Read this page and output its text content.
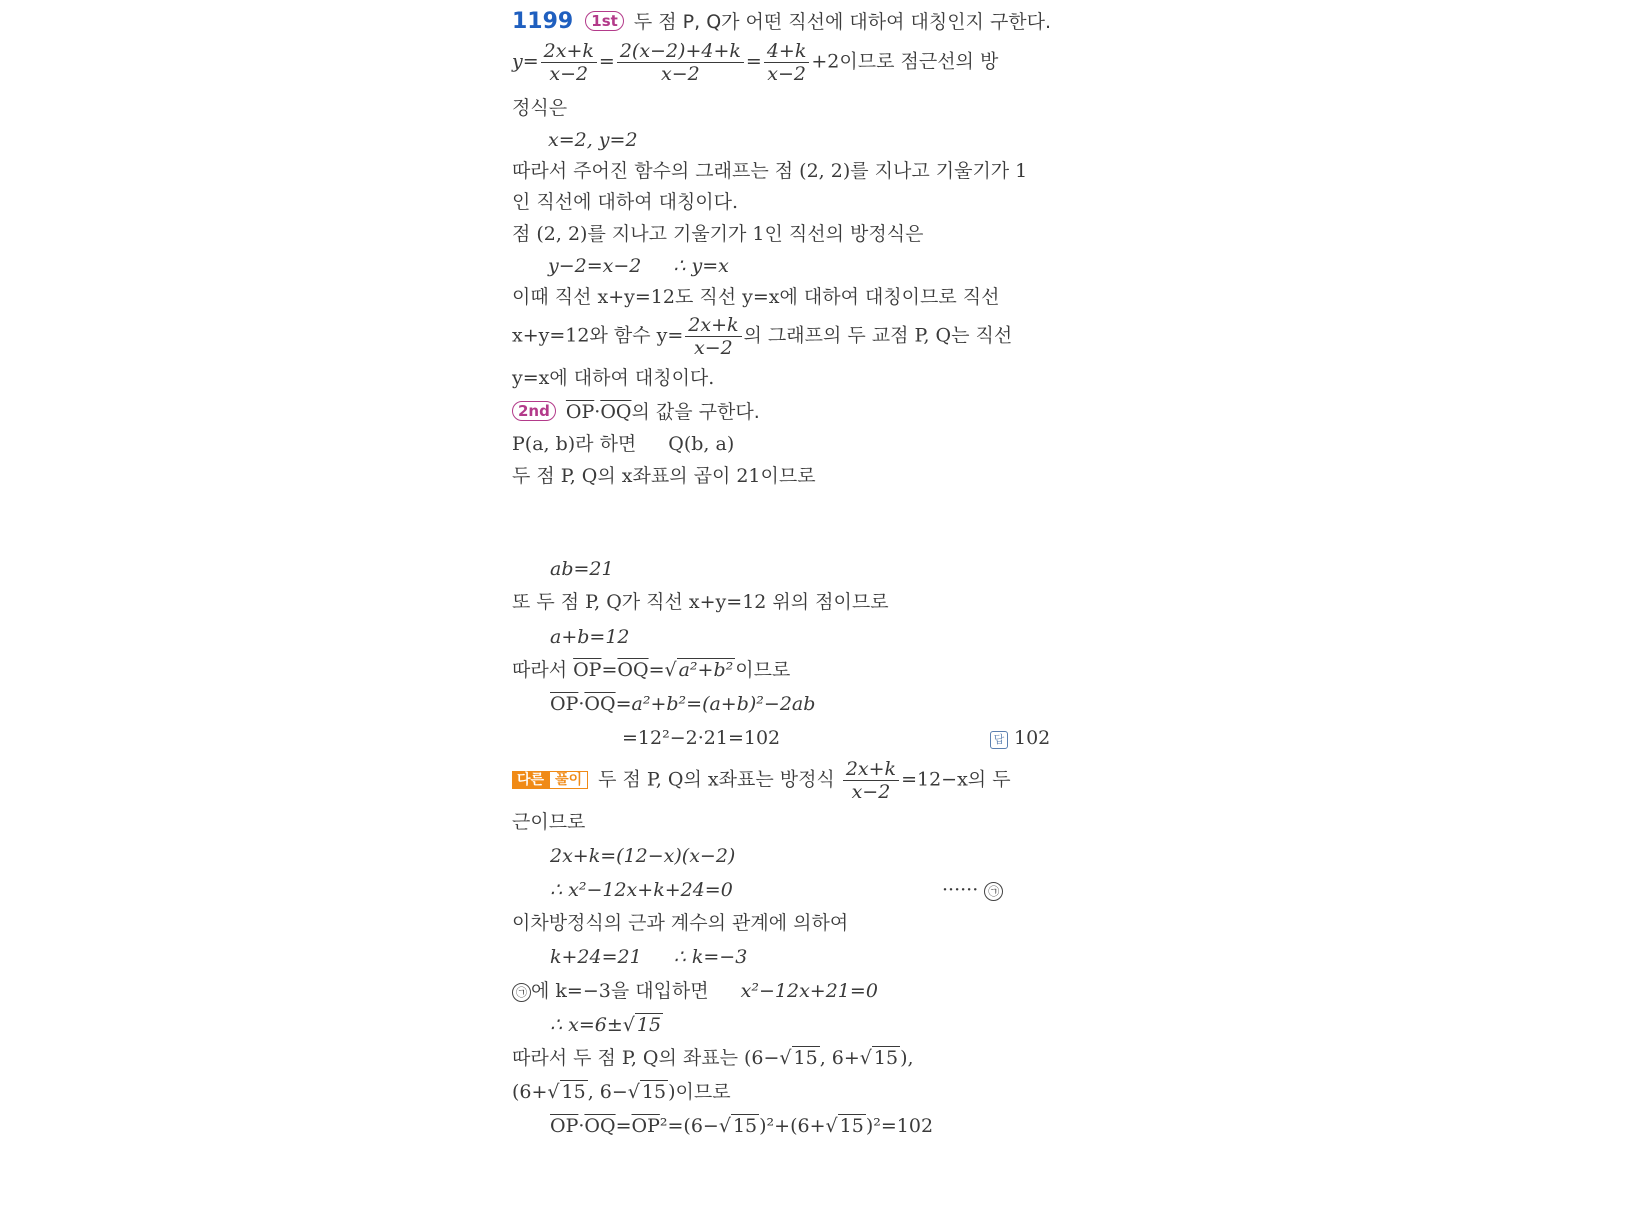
1199 1st 두 점 P, Q가 어떤 직선에 대하여 대칭인지 구한다.
$y= \frac{2x+k}{x-2} = \frac{2(x-2)+4+k}{x-2} = \frac{4+k}{x-2} +2$이므로 점근선의 방
정식은
x=2, y=2
따라서 주어진 함수의 그래프는 점 (2, 2)를 지나고 기울기가 1
인 직선에 대하여 대칭이다.
점 (2, 2)를 지나고 기울기가 1인 직선의 방정식은
y−2=x−2 ∴ y=x
이때 직선 x+y=12도 직선 y=x에 대하여 대칭이므로 직선
x+y=12와 함수 $y= \frac{2x+k}{x-2}$ 의 그래프의 두 교점 P, Q는 직선
y=x에 대하여 대칭이다.
2nd $\overline{OP}\cdot\overline{OQ}$의 값을 구한다.
P(a, b)라 하면 Q(b, a)
두 점 P, Q의 x좌표의 곱이 21이므로
ab=21
또 두 점 P, Q가 직선 x+y=12 위의 점이므로
a+b=12
따라서 $\overline{OP}=\overline{OQ}=√$ a²+b² 이므로
$\overline{OP}\cdot\overline{OQ}=a^2+b^2=(a+b)^2-2ab$
=12²−2·21=102	답 102
다른 풀이 두 점 P, Q의 x좌표는 방정식 $\frac{2x+k}{x-2} =12-x$의 두
근이므로
2x+k=(12−x)(x−2)
∴ x²−12x+k+24=0	······ ㉠
이차방정식의 근과 계수의 관계에 의하여
k+24=21 ∴ k=−3
㉠ 에 k=−3을 대입하면 x²−12x+21=0
∴ x=6±√ 15
따라서 두 점 P, Q의 좌표는 (6−√ 15 , 6+√ 15 ),
(6+√ 15 , 6−√ 15 )이므로
$\overline{OP}\cdot\overline{OQ}=\overline{OP}^2=(6-√$ 15 )²+(6+√ 15 )²=102
